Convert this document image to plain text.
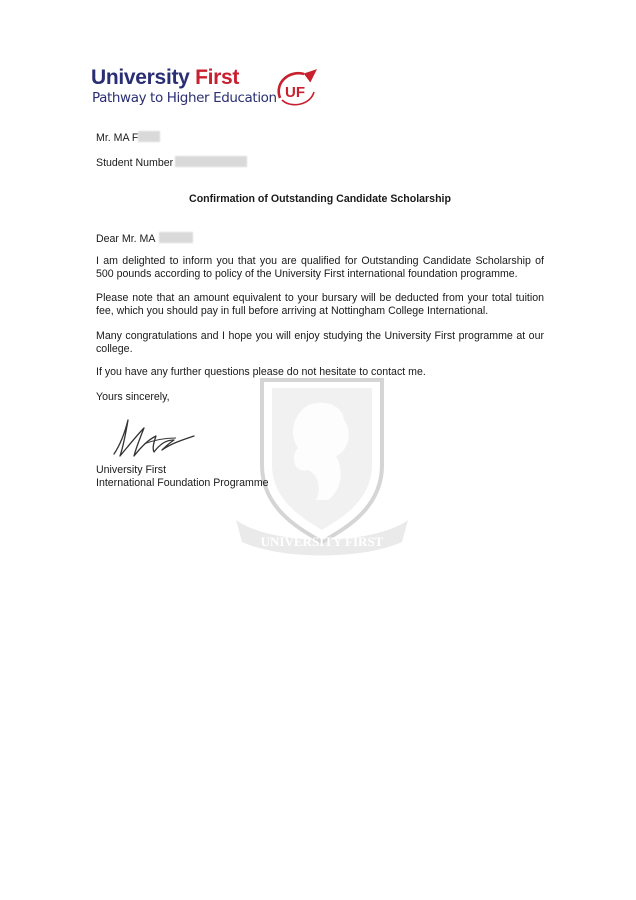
University First
Pathway to Higher Education UF
Mr. MA F
Student Number
Confirmation of Outstanding Candidate Scholarship
Dear Mr. MA
I am delighted to inform you that you are qualified for Outstanding Candidate Scholarship of 500 pounds according to policy of the University First international foundation programme.
Please note that an amount equivalent to your bursary will be deducted from your total tuition fee, which you should pay in full before arriving at Nottingham College International.
Many congratulations and I hope you will enjoy studying the University First programme at our college.
If you have any further questions please do not hesitate to contact me.
Yours sincerely,
UNIVERSITY FIRST
University First
International Foundation Programme
